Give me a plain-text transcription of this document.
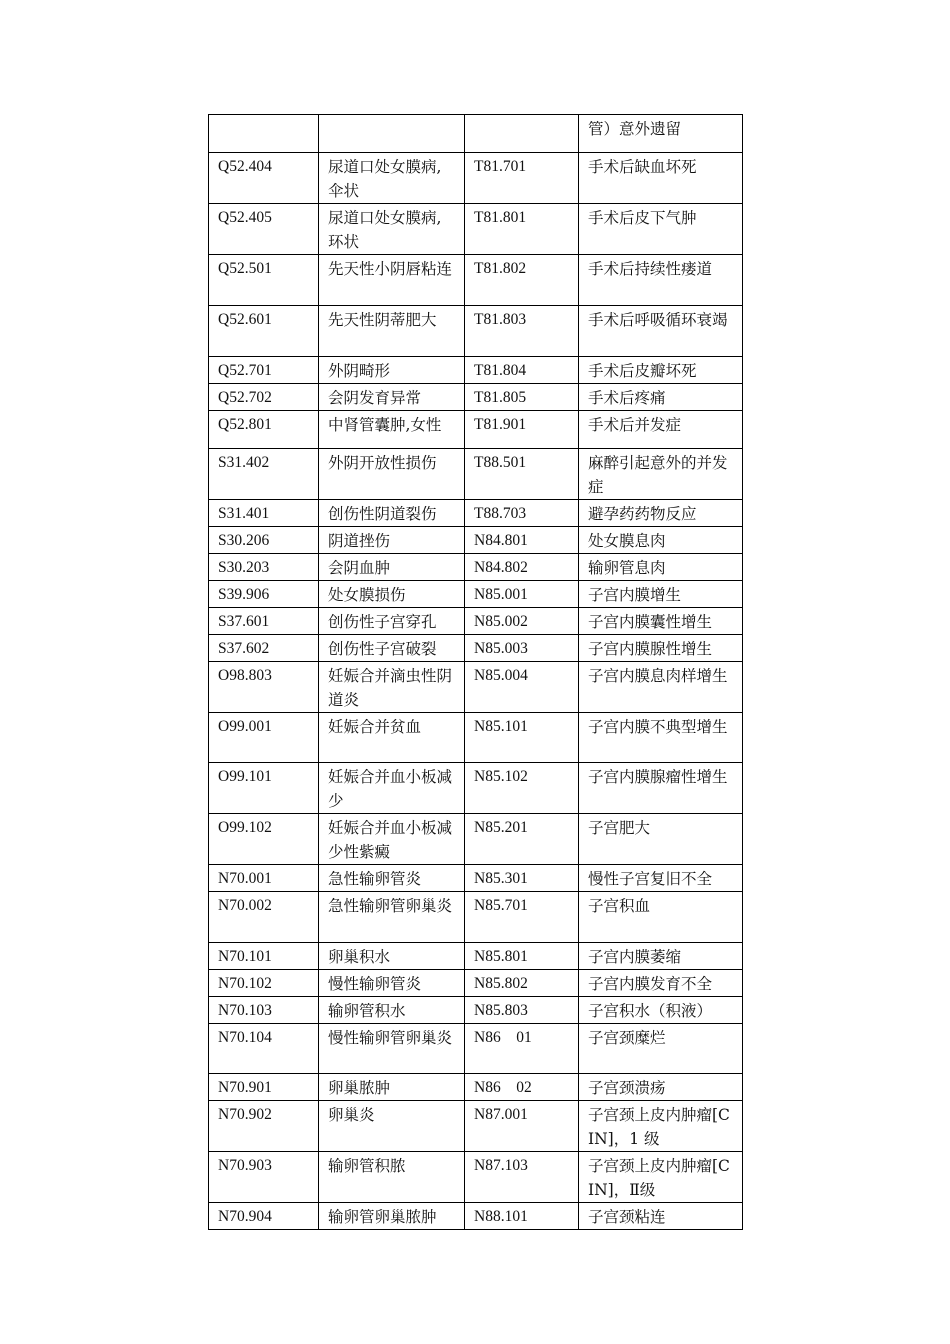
			管）意外遗留
Q52.404	尿道口处女膜病,伞状	T81.701	手术后缺血坏死
Q52.405	尿道口处女膜病,环状	T81.801	手术后皮下气肿
Q52.501	先天性小阴唇粘连	T81.802	手术后持续性瘘道
Q52.601	先天性阴蒂肥大	T81.803	手术后呼吸循环衰竭
Q52.701	外阴畸形	T81.804	手术后皮瓣坏死
Q52.702	会阴发育异常	T81.805	手术后疼痛
Q52.801	中肾管囊肿,女性	T81.901	手术后并发症
S31.402	外阴开放性损伤	T88.501	麻醉引起意外的并发症
S31.401	创伤性阴道裂伤	T88.703	避孕药药物反应
S30.206	阴道挫伤	N84.801	处女膜息肉
S30.203	会阴血肿	N84.802	输卵管息肉
S39.906	处女膜损伤	N85.001	子宫内膜增生
S37.601	创伤性子宫穿孔	N85.002	子宫内膜囊性增生
S37.602	创伤性子宫破裂	N85.003	子宫内膜腺性增生
O98.803	妊娠合并滴虫性阴道炎	N85.004	子宫内膜息肉样增生
O99.001	妊娠合并贫血	N85.101	子宫内膜不典型增生
O99.101	妊娠合并血小板减少	N85.102	子宫内膜腺瘤性增生
O99.102	妊娠合并血小板减少性紫癜	N85.201	子宫肥大
N70.001	急性输卵管炎	N85.301	慢性子宫复旧不全
N70.002	急性输卵管卵巢炎	N85.701	子宫积血
N70.101	卵巢积水	N85.801	子宫内膜萎缩
N70.102	慢性输卵管炎	N85.802	子宫内膜发育不全
N70.103	输卵管积水	N85.803	子宫积水（积液）
N70.104	慢性输卵管卵巢炎	N86    01	子宫颈糜烂
N70.901	卵巢脓肿	N86    02	子宫颈溃疡
N70.902	卵巢炎	N87.001	子宫颈上皮内肿瘤[CIN]，1 级
N70.903	输卵管积脓	N87.103	子宫颈上皮内肿瘤[CIN]，Ⅱ级
N70.904	输卵管卵巢脓肿	N88.101	子宫颈粘连
